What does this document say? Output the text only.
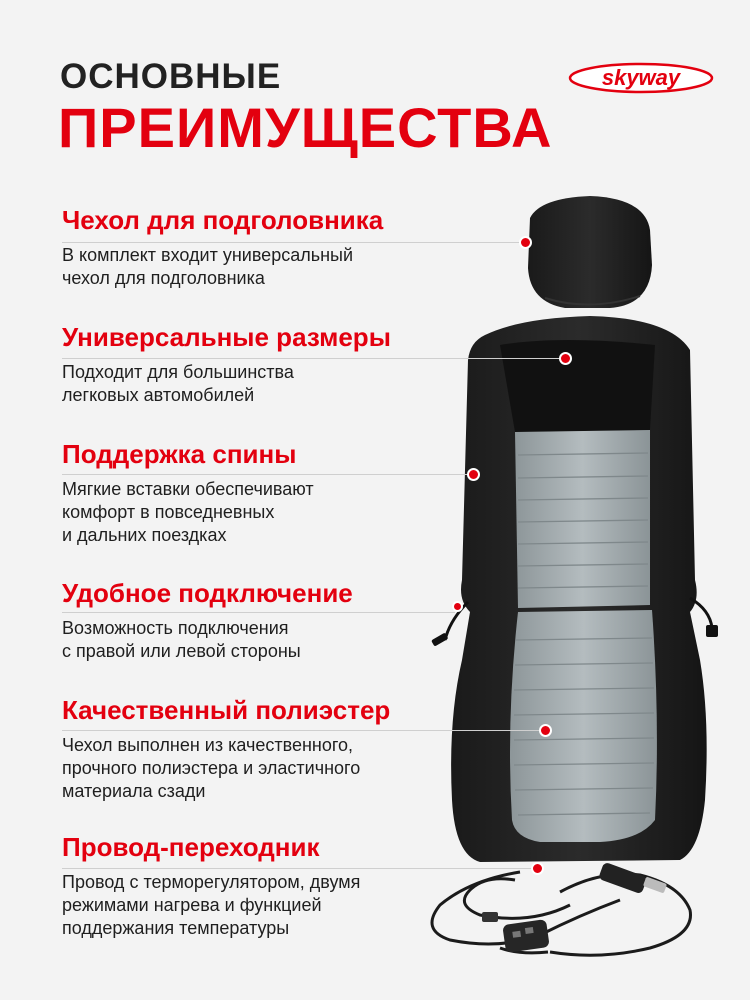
ОСНОВНЫЕ
ПРЕИМУЩЕСТВА
skyway
Чехол для подголовника
В комплект входит универсальный
чехол для подголовника
Универсальные размеры
Подходит для большинства
легковых автомобилей
Поддержка спины
Мягкие вставки обеспечивают
комфорт в повседневных
и дальних поездках
Удобное подключение
Возможность подключения
с правой или левой стороны
Качественный полиэстер
Чехол выполнен из качественного,
прочного полиэстера и эластичного
материала сзади
Провод-переходник
Провод с терморегулятором, двумя
режимами нагрева и функцией
поддержания температуры
